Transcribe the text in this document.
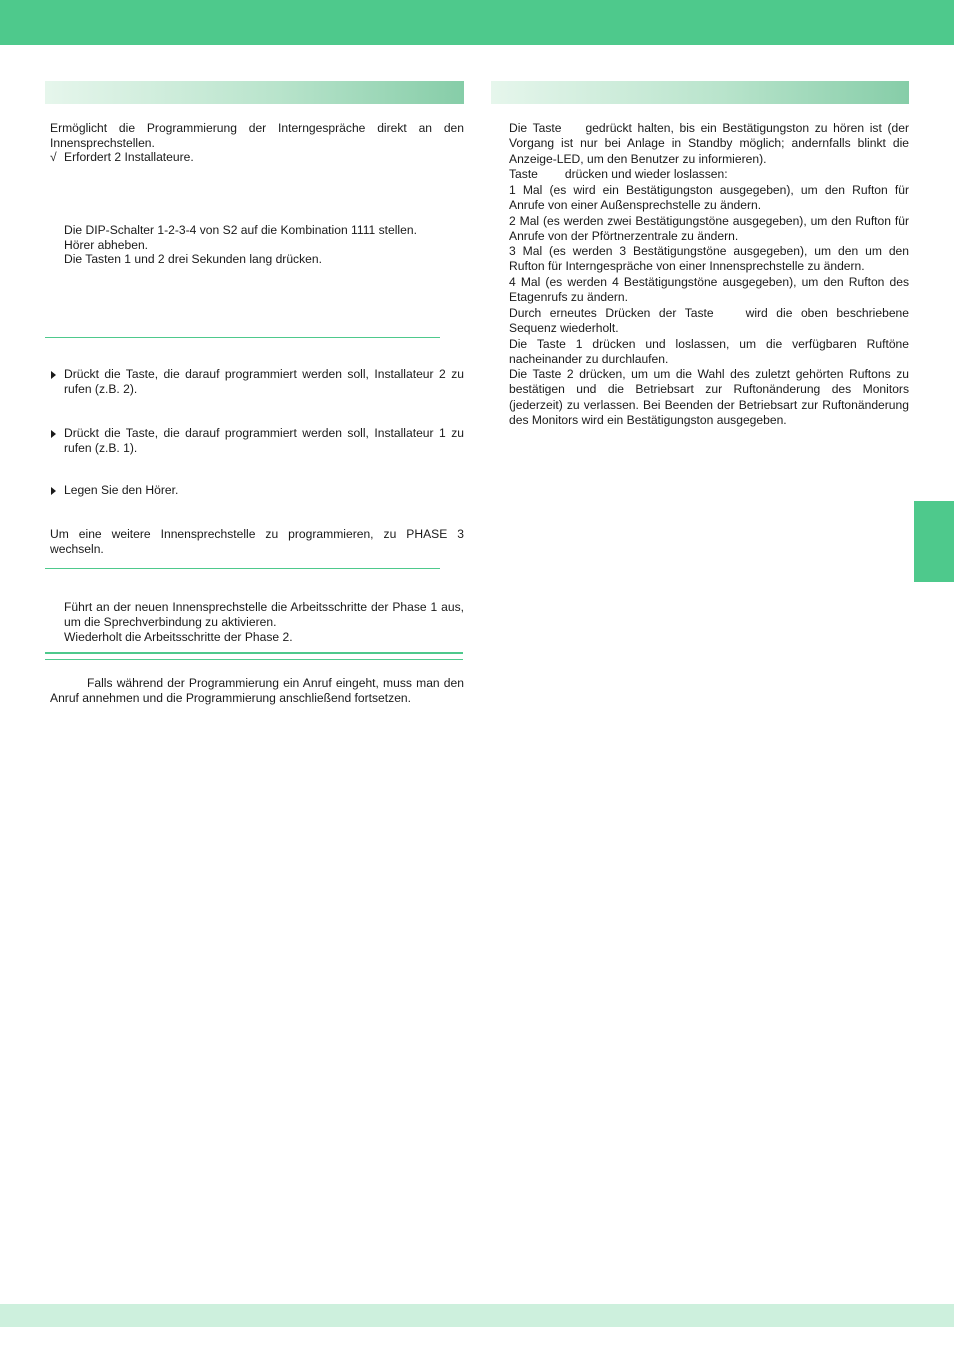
Ermöglicht die Programmierung der Interngespräche direkt an den Innensprechstellen.

√ Erfordert 2 Installateure.

Die DIP-Schalter 1-2-3-4 von S2 auf die Kombination 1111 stellen.

Hörer abheben.

Die Tasten 1 und 2 drei Sekunden lang drücken.

Drückt die Taste, die darauf programmiert werden soll, Installateur 2 zu rufen (z.B. 2).

Drückt die Taste, die darauf programmiert werden soll, Installateur 1 zu rufen (z.B. 1).

Legen Sie den Hörer.

Um eine weitere Innensprechstelle zu programmieren, zu PHASE 3 wechseln.

Führt an der neuen Innensprechstelle die Arbeitsschritte der Phase 1 aus, um die Sprechverbindung zu aktivieren.

Wiederholt die Arbeitsschritte der Phase 2.

Falls während der Programmierung ein Anruf eingeht, muss man den Anruf annehmen und die Programmierung anschließend fortsetzen.

Die Taste gedrückt halten, bis ein Bestätigungston zu hören ist (der Vorgang ist nur bei Anlage in Standby möglich; andernfalls blinkt die Anzeige-LED, um den Benutzer zu informieren).

Taste drücken und wieder loslassen:

1 Mal (es wird ein Bestätigungston ausgegeben), um den Rufton für Anrufe von einer Außensprechstelle zu ändern.

2 Mal (es werden zwei Bestätigungstöne ausgegeben), um den Rufton für Anrufe von der Pförtnerzentrale zu ändern.

3 Mal (es werden 3 Bestätigungstöne ausgegeben), um den um den Rufton für Interngespräche von einer Innensprechstelle zu ändern.

4 Mal (es werden 4 Bestätigungstöne ausgegeben), um den Rufton des Etagenrufs zu ändern.

Durch erneutes Drücken der Taste	wird die oben beschriebene Sequenz wiederholt.

Die Taste 1 drücken und loslassen, um die verfügbaren Ruftöne nacheinander zu durchlaufen.

Die Taste 2 drücken, um um die Wahl des zuletzt gehörten Ruftons zu bestätigen und die Betriebsart zur Ruftonänderung des Monitors (jederzeit) zu verlassen. Bei Beenden der Betriebsart zur Ruftonänderung des Monitors wird ein Bestätigungston ausgegeben.
